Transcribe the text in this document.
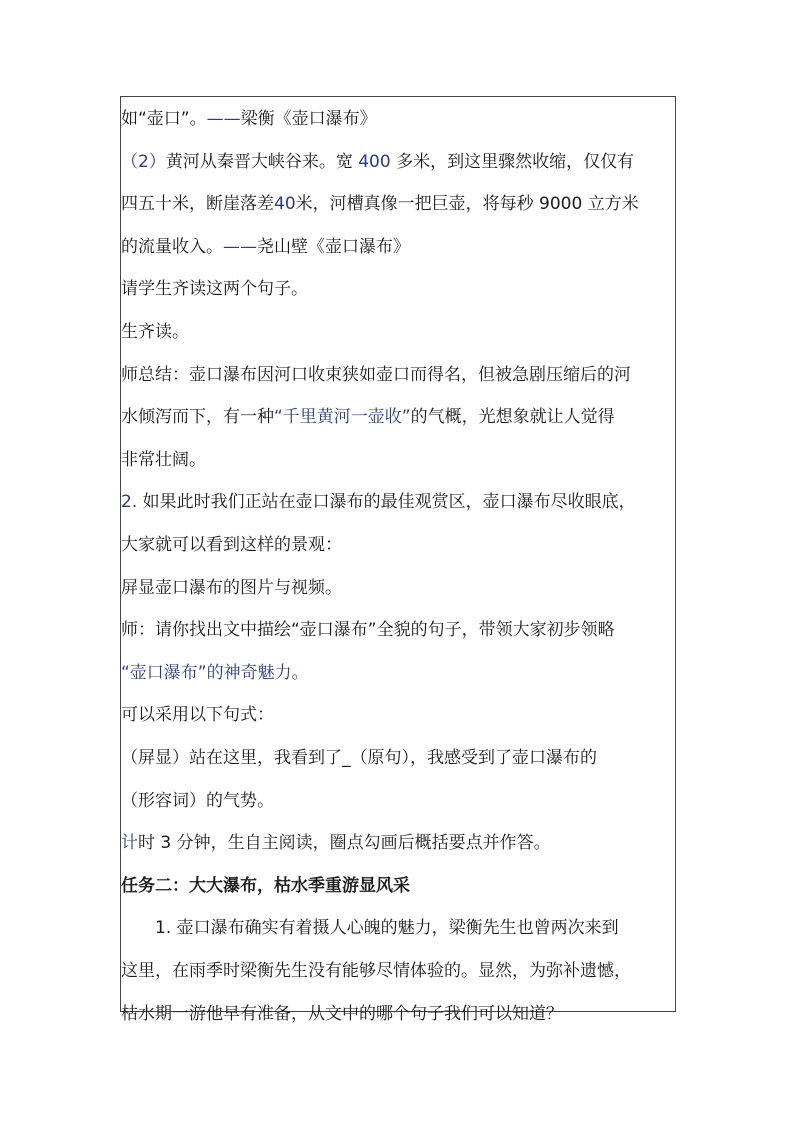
如“壶口”。——梁衡《壶口瀑布》
（2）黄河从秦晋大峡谷来。宽 400 多米，到这里骤然收缩，仅仅有
四五十米，断崖落差40米，河槽真像一把巨壶，将每秒 9000 立方米
的流量收入。——尧山壁《壶口瀑布》
请学生齐读这两个句子。
生齐读。
师总结：壶口瀑布因河口收束狭如壶口而得名，但被急剧压缩后的河
水倾泻而下，有一种“千里黄河一壶收”的气概，光想象就让人觉得
非常壮阔。
2. 如果此时我们正站在壶口瀑布的最佳观赏区，壶口瀑布尽收眼底，
大家就可以看到这样的景观：
屏显壶口瀑布的图片与视频。
师：请你找出文中描绘“壶口瀑布”全貌的句子，带领大家初步领略
“壶口瀑布”的神奇魅力。
可以采用以下句式：
（屏显）站在这里，我看到了_（原句），我感受到了壶口瀑布的
（形容词）的气势。
计时 3 分钟，生自主阅读，圈点勾画后概括要点并作答。
任务二：大大瀑布，枯水季重游显风采
1. 壶口瀑布确实有着摄人心魄的魅力，梁衡先生也曾两次来到
这里，在雨季时梁衡先生没有能够尽情体验的。显然，为弥补遗憾，
枯水期一游他早有准备，从文中的哪个句子我们可以知道？
